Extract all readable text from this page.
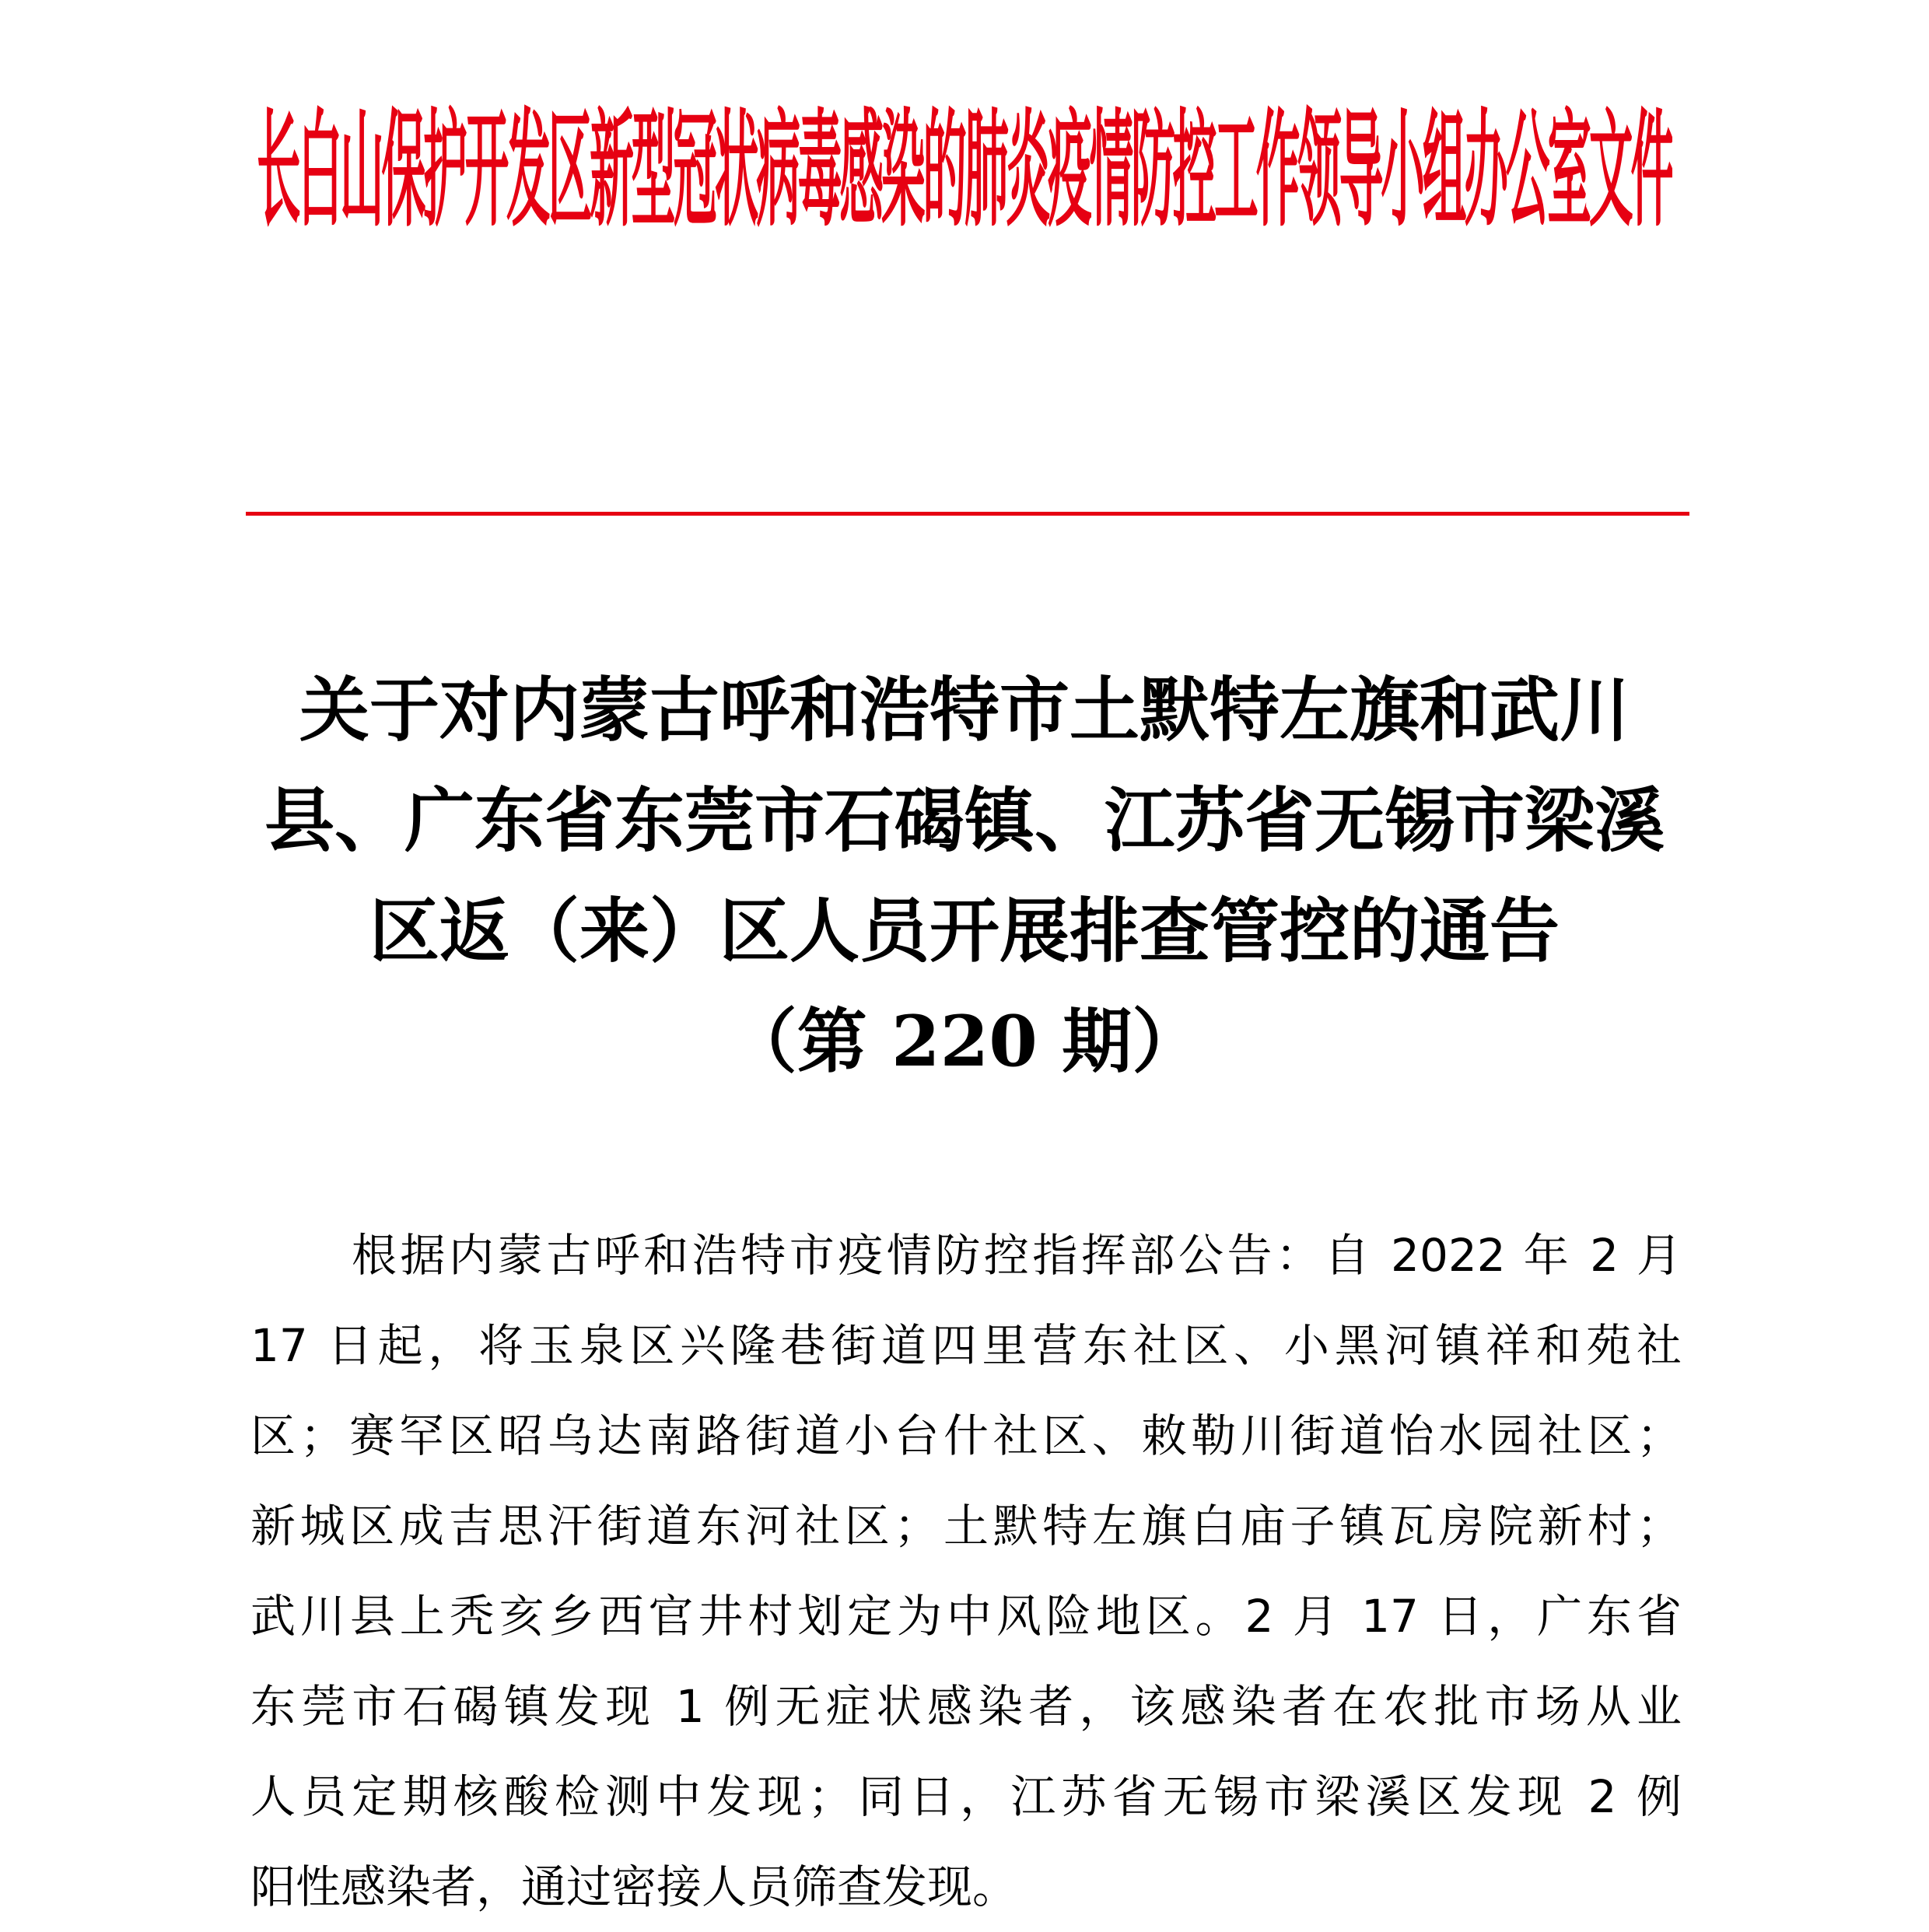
长白山保护开发区新型冠状病毒感染的肺炎疫情防控工作领导小组办公室文件
关于对内蒙古呼和浩特市土默特左旗和武川
县、广东省东莞市石碣镇、江苏省无锡市梁溪
区返（来）区人员开展排查管控的通告
（第 220 期）
根据内蒙古呼和浩特市疫情防控指挥部公告：自 2022 年 2 月
17 日起，将玉泉区兴隆巷街道四里营东社区、小黑河镇祥和苑社
区；赛罕区昭乌达南路街道小台什社区、敕勒川街道怡水园社区；
新城区成吉思汗街道东河社区；土默特左旗白庙子镇瓦房院新村；
武川县上秃亥乡西官井村划定为中风险地区。2 月 17 日，广东省
东莞市石碣镇发现 1 例无症状感染者，该感染者在农批市场从业
人员定期核酸检测中发现；同日，江苏省无锡市梁溪区发现 2 例
阳性感染者，通过密接人员筛查发现。
